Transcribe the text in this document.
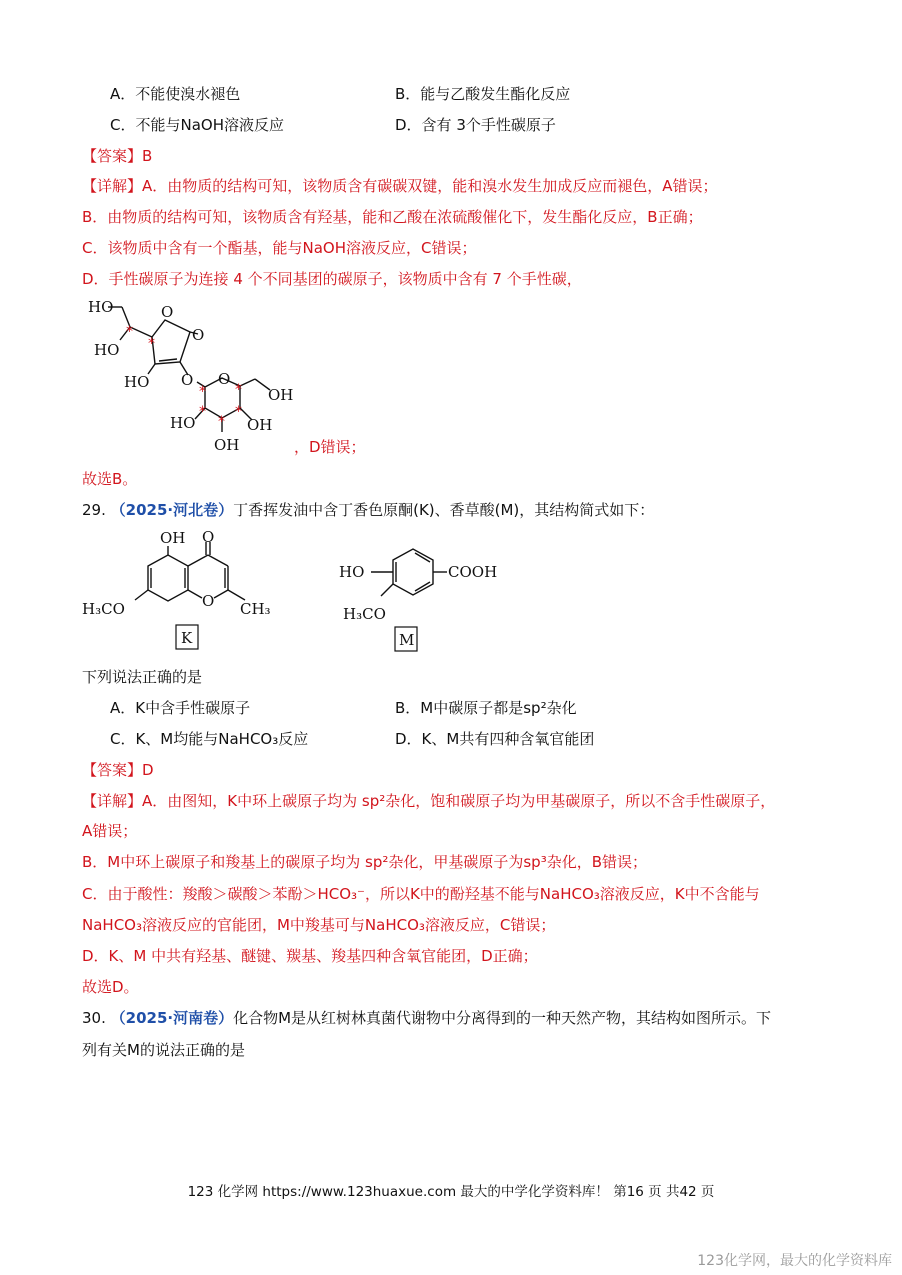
A．不能使溴水褪色	B．能与乙酸发生酯化反应
C．不能与NaOH溶液反应	D．含有 3个手性碳原子
【答案】B
【详解】A．由物质的结构可知，该物质含有碳碳双键，能和溴水发生加成反应而褪色，A错误；
B．由物质的结构可知，该物质含有羟基，能和乙酸在浓硫酸催化下，发生酯化反应，B正确；
C．该物质中含有一个酯基，能与NaOH溶液反应，C错误；
D．手性碳原子为连接 4 个不同基团的碳原子，该物质中含有 7 个手性碳，
HO
HO
O
O
HO O O
OH
HO	OH
OH
*
*
* *
*
*
*
，D错误；
故选B。
29. （2025·河北卷）丁香挥发油中含丁香色原酮(K)、香草酸(M)，其结构简式如下：
OH O
H₃CO	O CH₃
K
HO	COOH
H₃CO
M
下列说法正确的是
A．K中含手性碳原子	B．M中碳原子都是sp²杂化
C．K、M均能与NaHCO₃反应	D．K、M共有四种含氧官能团
【答案】D
【详解】A．由图知，K中环上碳原子均为 sp²杂化，饱和碳原子均为甲基碳原子，所以不含手性碳原子，
A错误；
B．M中环上碳原子和羧基上的碳原子均为 sp²杂化，甲基碳原子为sp³杂化，B错误；
C．由于酸性：羧酸＞碳酸＞苯酚＞HCO₃⁻，所以K中的酚羟基不能与NaHCO₃溶液反应，K中不含能与
NaHCO₃溶液反应的官能团，M中羧基可与NaHCO₃溶液反应，C错误；
D．K、M 中共有羟基、醚键、羰基、羧基四种含氧官能团，D正确；
故选D。
30. （2025·河南卷）化合物M是从红树林真菌代谢物中分离得到的一种天然产物，其结构如图所示。下
列有关M的说法正确的是
123 化学网 https://www.123huaxue.com 最大的中学化学资料库！ 第16 页 共42 页
123化学网，最大的化学资料库
